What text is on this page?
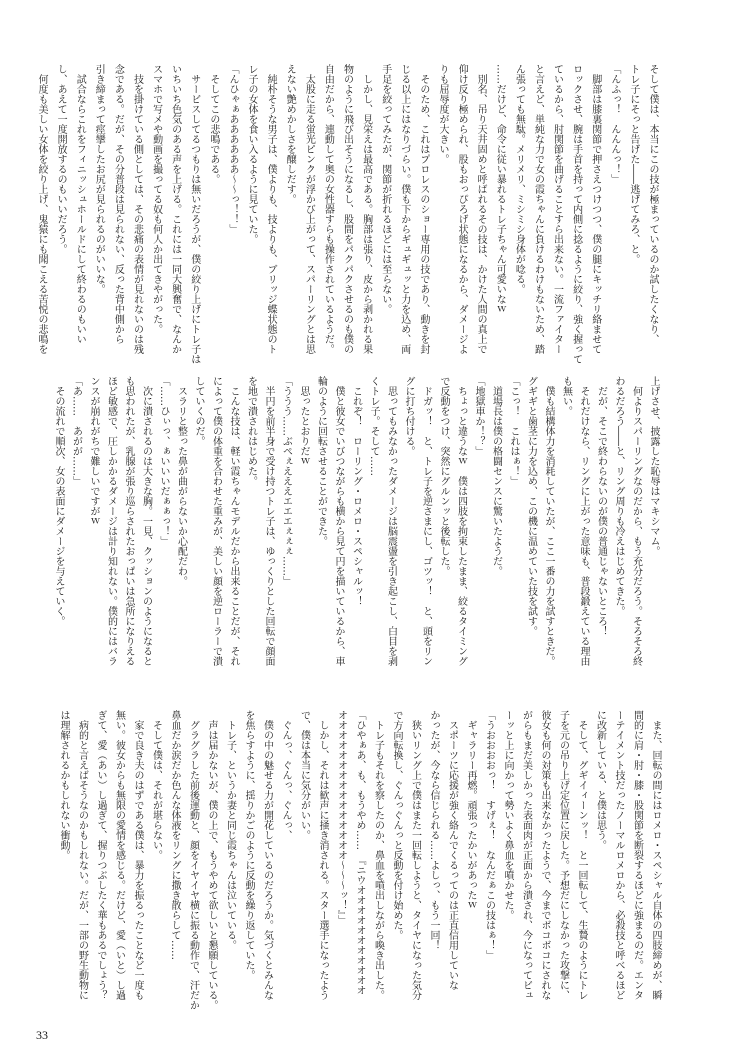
そして僕は、本当にこの技が極まっているのか試したくなり、
トレ子にそっと告げた――逃げてみろ、と。
「んふっ！　んんんっ！」
　脚部は膝裏関節で押さえつけつつ、僕の腿にキッチリ絡ませて
ロックさせ、腕は手首を持って内側に捻るように絞り、強く握って
ているから、肘関節を曲げることすら出来ない。一流ファイター
と言えど、単純な力で女の霞ちゃんに負けるわけもないため、踏
ん張っても無駄。メリメリ、ミシミシ身体が唸る。
……だけど、命令に従い暴れるトレ子ちゃん可愛いなｗ
　別名、吊り天井固めと呼ばれるその技は、かけた人間の真上で
仰け反り極められ、股もおっぴろげ状態になるから、ダメージよ
りも屈辱度が大きい。
　そのため、これはプロレスのショー専用の技であり、動きを封
じる以上にはなりづらい。僕も下からギュギュッと力を込め、両
手足を絞ってみたが、関節が折れるほどには至らない。
　しかし、見栄えは最高である。胸部は張り、皮から剥かれる果
物のように飛び出そうになるし、股間をパクパクさせるのも僕の
自由だから、連動して奥の女性器すらも操作されているようだ。
　太股に走る蛍光ピンクが浮かび上がって、スパーリングとは思
えない艶めかしさを醸しだす。
　純朴そうな男子は、僕よりも、技よりも、ブリッジ蝶状態のト
レ子の女体を食い入るように見ていた。
「んひゃぁああああああ～～っ！！」
　そしてこの悲鳴である。
　サービスしてるつもりは無いだろうが、僕の絞り上げにトレ子は
いちいち色気のある声を上げる。これには一同大興奮で、なんか
スマホで写メや動画を撮ってる奴も何人か出てきやがった。
　技を掛けている側としては、その悲痛の表情が見れないのは残
念である。だが、その分普段は見られない、反った背中側から
引き締まって痙攣したお尻が見られるのがいいな。
　試合ならこれをフィニッシュホールドにして終わるのもいい
し、あえて一度開放するのもいいだろう。
　何度も美しい女体を絞り上げ、鬼猿にも聞こえる苦悦の悲鳴を
上げさせ、披露した恥辱はマキシマム。
　何よりスパーリングなのだから、もう充分だろう。そろそろ終
わるだろう――と、リング周りも冷えはじめてきた。
　だが、そこで終わらないのが僕の普通じゃないところ！
　それだけなら、リングに上がった意味も、普段鍛えている理由
も無い。
　僕も結構体力を消耗していたが、ここ一番の力を試すときだ。
グギギと歯茎に力を込め、この機に温めていた技を試す。
「こっ！　これはぁ！」
　道場長は僕の格闘センスに驚いたようだ。
「地獄車か！？」
　ちょっと違うなｗ　僕は四肢を拘束したまま、絞るタイミング
で反動をつけ、突然にグルンッと後転した。
　ドガッ！　と、トレ子を逆さまにし、ゴツッ！　と、頭をリン
グに打ち付ける。
　思ってもみなかったダメージは脳震盪を引き起こし、白目を剥
くトレ子。そして……
　これぞ！　ローリング・ロメロ・スペシャルッ！
　僕と彼女でいびつながらも横から見て円を描いているから、車
輪のように回転させることができた。
　思ったとおりだｗ
「ううう……ぶぺぇえええエエエぇぇぇ……」
　半円を前半身で受け持つトレ子は、ゆっくりとした回転で顔面
を地で潰されはじめた。
　こんな技は、軽い霞ちゃんモデルだから出来ることだが、それ
によって僕の体重を合わせた重みが、美しい顔を逆ローラーで潰
していくのだ。
　スラリと整った鼻が曲がらないか心配だわ。
「……ひぃっ、ぁいいいだぁぁっ！」
　次に潰されるのは大きな胸。一見、クッションのようになると
も思われたが、乳腺が張り巡らされたおっぱいは急所になりえる
ほど敏感で、圧しかかるダメージは計り知れない。僕的にはバラ
ンスが崩れがちで難しいですがｗ
「あ……　あがが……」
　その流れで順次、女の表面にダメージを与えていく。
　また、回転の間にはロメロ・スペシャル自体の四肢締めが、瞬
間的に肩・肘・膝・股関節を断裂するほどに強まるのだ。エンタ
ーテイメント技だったノーマルロメロから、必殺技と呼べるほど
に改新している、と僕は思う。
　そして、グギイィーンッ！　と一回転して、生贄のようにトレ
子を元の吊り上げ定位置に戻した。予想だにしなかった攻撃に、
彼女も何の対策も出来なかったようで、今までボコボコにされな
がらもまだ美しかった表面肉が正面から潰され、今になってビュ
ーッと上に向かって勢いよく鼻血を噴かせた。
「うおおおおっ！　すげぇ！　なんだぁこの技はぁ！」
　ギャラリー再燃。頑張ったかいがあったｗ
　スポーツに応援が強く絡んでくるってのは正直信用していな
かったが、今なら信じられる……よしっ、もう一回！
　狭いリング上で僕はまた一回転しようと、タイヤになった気分
で方向転換し、ぐんっぐんっと反動を付け始めた。
　トレ子もそれを察したのか、鼻血を噴出しながら喚き出した。
「ひやぁあ、も、もうやめ……　『ニウオオオオオオオオオオオ
オオオオオオオオオオオオオオオ～～～ッ！』」
　しかし、それは歓声に掻き消される。スター選手になったよう
で、僕は本当に気分がいい。
　ぐんっ、ぐんっ、ぐんっ、
　僕の中の魅せる力が開花しているのだろうか。気づくとみんな
を焦らすように、揺りかごのように反動を繰り返していた。
　トレ子、というか妻と同じ霞ちゃんは泣いている。
　声は届かないが、僕の上で、もうやめて欲しいと懇願している。
　グラグラした前後運動と、顔をイヤイヤ横に振る動作で、汗だか
鼻血だか涙だか色んな体液をリングに撒き散らして……
　そして僕は、それが堪らない。
　家で良き夫のはずである僕は、暴力を振るったことなど一度も
無い。彼女からも無限の愛情を感じる。だけど、愛（いと）し過
ぎて、愛（あい）し過ぎて、握りつぶしたく華もあるでしょう？
　病的と言えばそうなのかもしれない。だが、一部の野生動物に
は理解されるかもしれない衝動。
33
